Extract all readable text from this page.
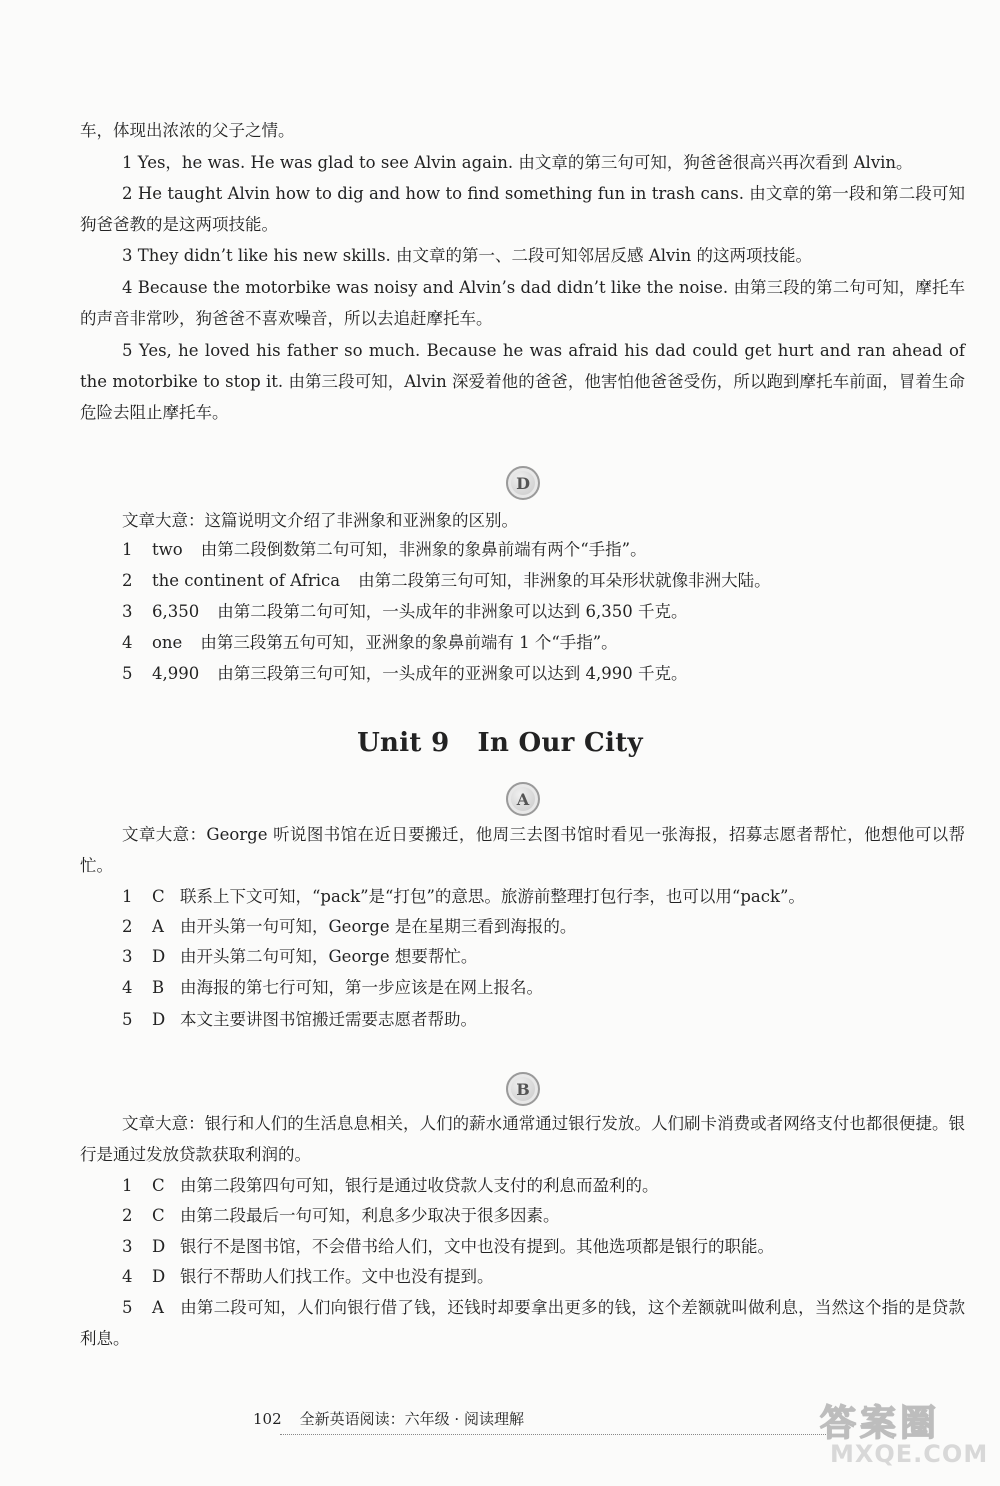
车，体现出浓浓的父子之情。
1 Yes，he was. He was glad to see Alvin again. 由文章的第三句可知，狗爸爸很高兴再次看到 Alvin。
2 He taught Alvin how to dig and how to find something fun in trash cans. 由文章的第一段和第二段可知狗爸爸教的是这两项技能。
3 They didn’t like his new skills. 由文章的第一、二段可知邻居反感 Alvin 的这两项技能。
4 Because the motorbike was noisy and Alvin’s dad didn’t like the noise. 由第三段的第二句可知，摩托车的声音非常吵，狗爸爸不喜欢噪音，所以去追赶摩托车。
5 Yes, he loved his father so much. Because he was afraid his dad could get hurt and ran ahead of the motorbike to stop it. 由第三段可知，Alvin 深爱着他的爸爸，他害怕他爸爸受伤，所以跑到摩托车前面，冒着生命危险去阻止摩托车。
D
文章大意：这篇说明文介绍了非洲象和亚洲象的区别。
1 two 由第二段倒数第二句可知，非洲象的象鼻前端有两个“手指”。
2 the continent of Africa 由第二段第三句可知，非洲象的耳朵形状就像非洲大陆。
3 6,350 由第二段第二句可知，一头成年的非洲象可以达到 6,350 千克。
4 one 由第三段第五句可知，亚洲象的象鼻前端有 1 个“手指”。
5 4,990 由第三段第三句可知，一头成年的亚洲象可以达到 4,990 千克。
Unit 9 In Our City
A
文章大意：George 听说图书馆在近日要搬迁，他周三去图书馆时看见一张海报，招募志愿者帮忙，他想他可以帮忙。
1 C 联系上下文可知，“pack”是“打包”的意思。旅游前整理打包行李，也可以用“pack”。
2 A 由开头第一句可知，George 是在星期三看到海报的。
3 D 由开头第二句可知，George 想要帮忙。
4 B 由海报的第七行可知，第一步应该是在网上报名。
5 D 本文主要讲图书馆搬迁需要志愿者帮助。
B
文章大意：银行和人们的生活息息相关，人们的薪水通常通过银行发放。人们刷卡消费或者网络支付也都很便捷。银行是通过发放贷款获取利润的。
1 C 由第二段第四句可知，银行是通过收贷款人支付的利息而盈利的。
2 C 由第二段最后一句可知，利息多少取决于很多因素。
3 D 银行不是图书馆，不会借书给人们，文中也没有提到。其他选项都是银行的职能。
4 D 银行不帮助人们找工作。文中也没有提到。
5 A 由第二段可知，人们向银行借了钱，还钱时却要拿出更多的钱，这个差额就叫做利息，当然这个指的是贷款利息。
102 全新英语阅读：六年级 · 阅读理解	答案圈
MXQE.COM
